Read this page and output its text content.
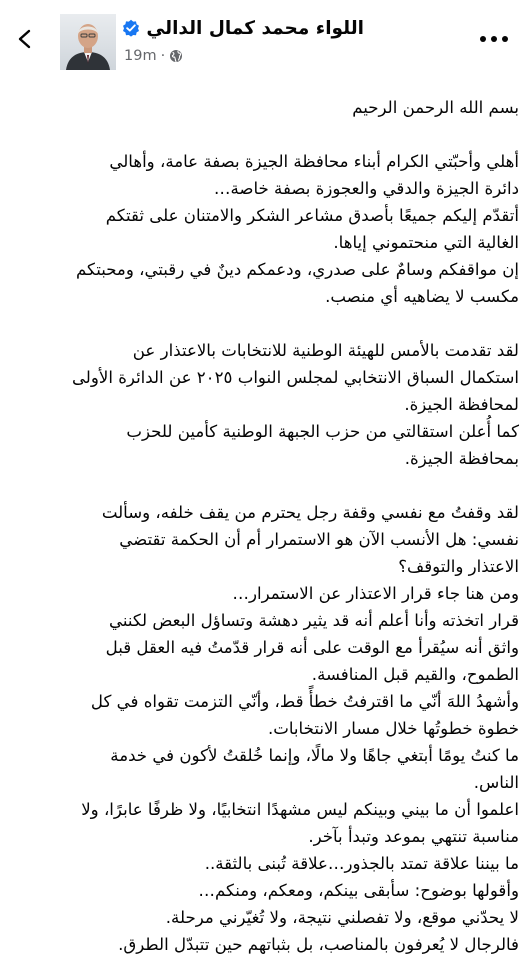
اللواء محمد كمال الدالي
19m ·

بسم الله الرحمن الرحيم

أهلي وأحبّتي الكرام أبناء محافظة الجيزة بصفة عامة، وأهالي
دائرة الجيزة والدقي والعجوزة بصفة خاصة…
أتقدّم إليكم جميعًا بأصدق مشاعر الشكر والامتنان على ثقتكم
الغالية التي منحتموني إياها.
إن مواقفكم وسامٌ على صدري، ودعمكم دينٌ في رقبتي، ومحبتكم
مكسب لا يضاهيه أي منصب.

لقد تقدمت بالأمس للهيئة الوطنية للانتخابات بالاعتذار عن
استكمال السباق الانتخابي لمجلس النواب ٢٠٢٥ عن الدائرة الأولى
لمحافظة الجيزة.
كما أُعلن استقالتي من حزب الجبهة الوطنية كأمين للحزب
بمحافظة الجيزة.

لقد وقفتُ مع نفسي وقفة رجل يحترم من يقف خلفه، وسألت
نفسي: هل الأنسب الآن هو الاستمرار أم أن الحكمة تقتضي
الاعتذار والتوقف؟
ومن هنا جاء قرار الاعتذار عن الاستمرار…
قرار اتخذته وأنا أعلم أنه قد يثير دهشة وتساؤل البعض لكنني
واثق أنه سيُقرأ مع الوقت على أنه قرار قدّمتُ فيه العقل قبل
الطموح، والقيم قبل المنافسة.
وأشهدُ اللهَ أنّي ما اقترفتُ خطأً قط، وأنّي التزمت تقواه في كل
خطوة خطوتُها خلال مسار الانتخابات.
ما كنتُ يومًا أبتغي جاهًا ولا مالًا، وإنما خُلقتُ لأكون في خدمة
الناس.
اعلموا أن ما بيني وبينكم ليس مشهدًا انتخابيًا، ولا ظرفًا عابرًا، ولا
مناسبة تنتهي بموعد وتبدأ بآخر.
ما بيننا علاقة تمتد بالجذور…علاقة تُبنى بالثقة..
وأقولها بوضوح: سأبقى بينكم، ومعكم، ومنكم…
لا يحدّني موقع، ولا تفصلني نتيجة، ولا تُغيّرني مرحلة.
فالرجال لا يُعرفون بالمناصب، بل بثباتهم حين تتبدّل الطرق.
